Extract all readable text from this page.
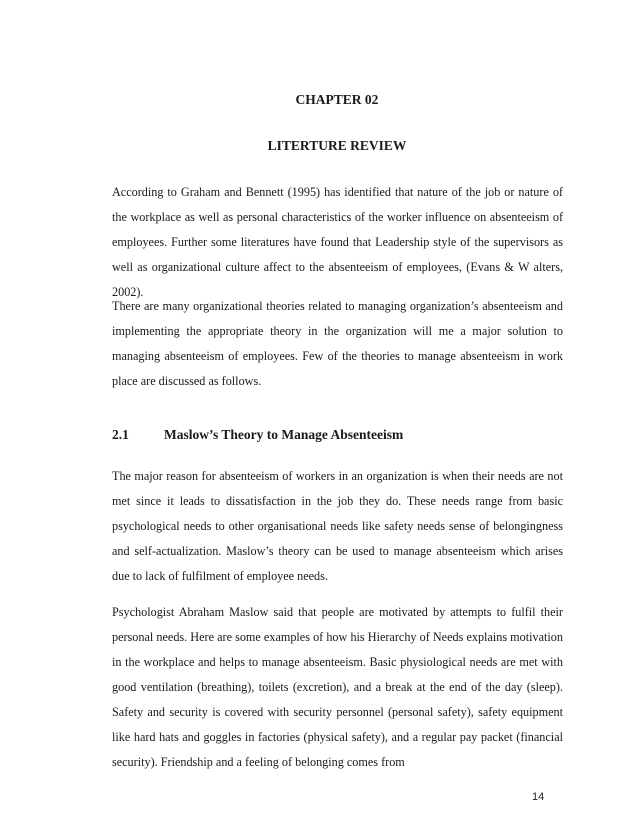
CHAPTER 02
LITERTURE REVIEW
According to Graham and Bennett (1995) has identified that nature of the job or nature of the workplace as well as personal characteristics of the worker influence on absenteeism of employees. Further some literatures have found that Leadership style of the supervisors as well as organizational culture affect to the absenteeism of employees, (Evans & W alters, 2002).
There are many organizational theories related to managing organization’s absenteeism and implementing the appropriate theory in the organization will me a major solution to managing absenteeism of employees. Few of the theories to manage absenteeism in work place are discussed as follows.
2.1	Maslow’s Theory to Manage Absenteeism
The major reason for absenteeism of workers in an organization is when their needs are not met since it leads to dissatisfaction in the job they do. These needs range from basic psychological needs to other organisational needs like safety needs sense of belongingness and self-actualization. Maslow’s theory can be used to manage absenteeism which arises due to lack of fulfilment of employee needs.
Psychologist Abraham Maslow said that people are motivated by attempts to fulfil their personal needs. Here are some examples of how his Hierarchy of Needs explains motivation in the workplace and helps to manage absenteeism. Basic physiological needs are met with good ventilation (breathing), toilets (excretion), and a break at the end of the day (sleep). Safety and security is covered with security personnel (personal safety), safety equipment like hard hats and goggles in factories (physical safety), and a regular pay packet (financial security). Friendship and a feeling of belonging comes from
14
